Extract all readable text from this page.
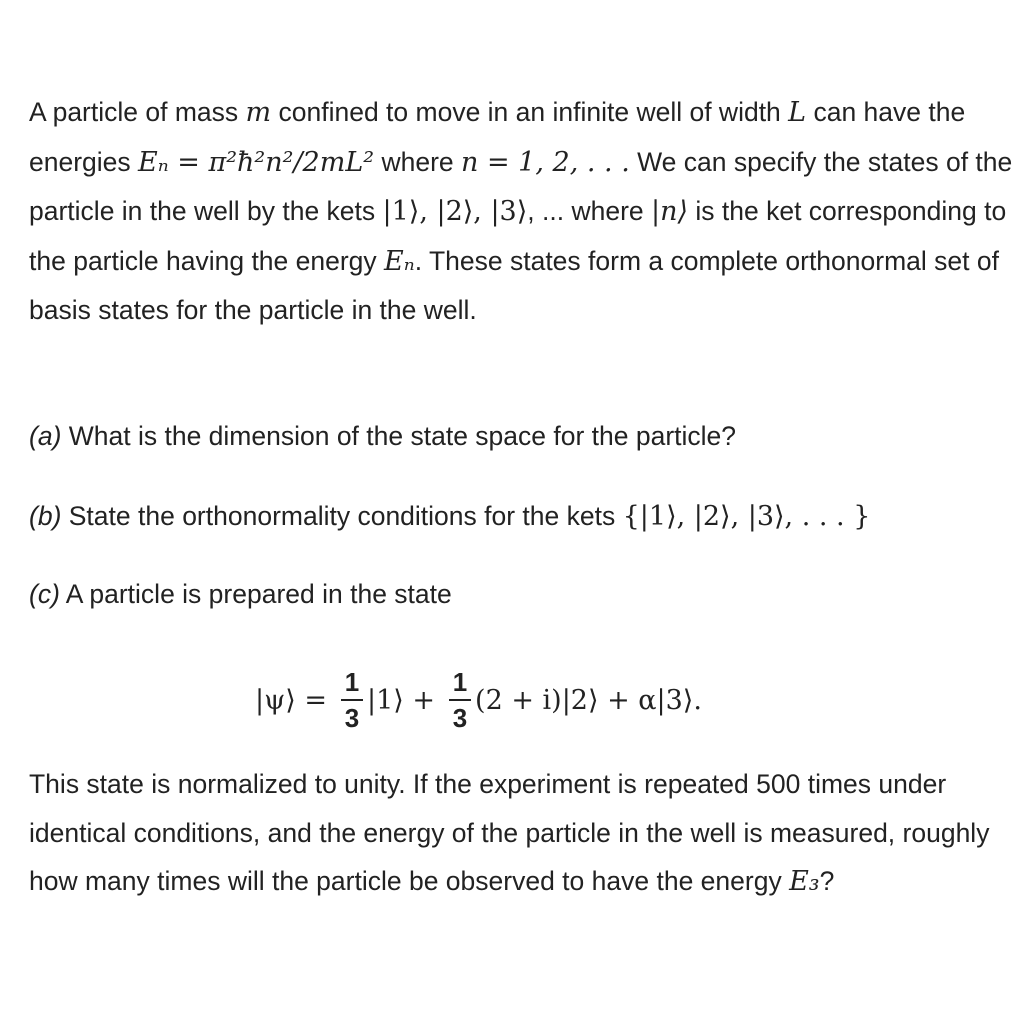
A particle of mass m confined to move in an infinite well of width L can have the energies Eₙ = π²ħ²n²/2mL² where n = 1, 2, . . . We can specify the states of the particle in the well by the kets |1⟩, |2⟩, |3⟩, ... where |n⟩ is the ket corresponding to the particle having the energy Eₙ. These states form a complete orthonormal set of basis states for the particle in the well.
(a) What is the dimension of the state space for the particle?
(b) State the orthonormality conditions for the kets {|1⟩, |2⟩, |3⟩, . . . }
(c) A particle is prepared in the state
|ψ⟩ = $\frac{1}{3}$ |1⟩ + $\frac{1}{3} (2$ + i)|2⟩ + α|3⟩.
This state is normalized to unity. If the experiment is repeated 500 times under identical conditions, and the energy of the particle in the well is measured, roughly how many times will the particle be observed to have the energy E₃?
